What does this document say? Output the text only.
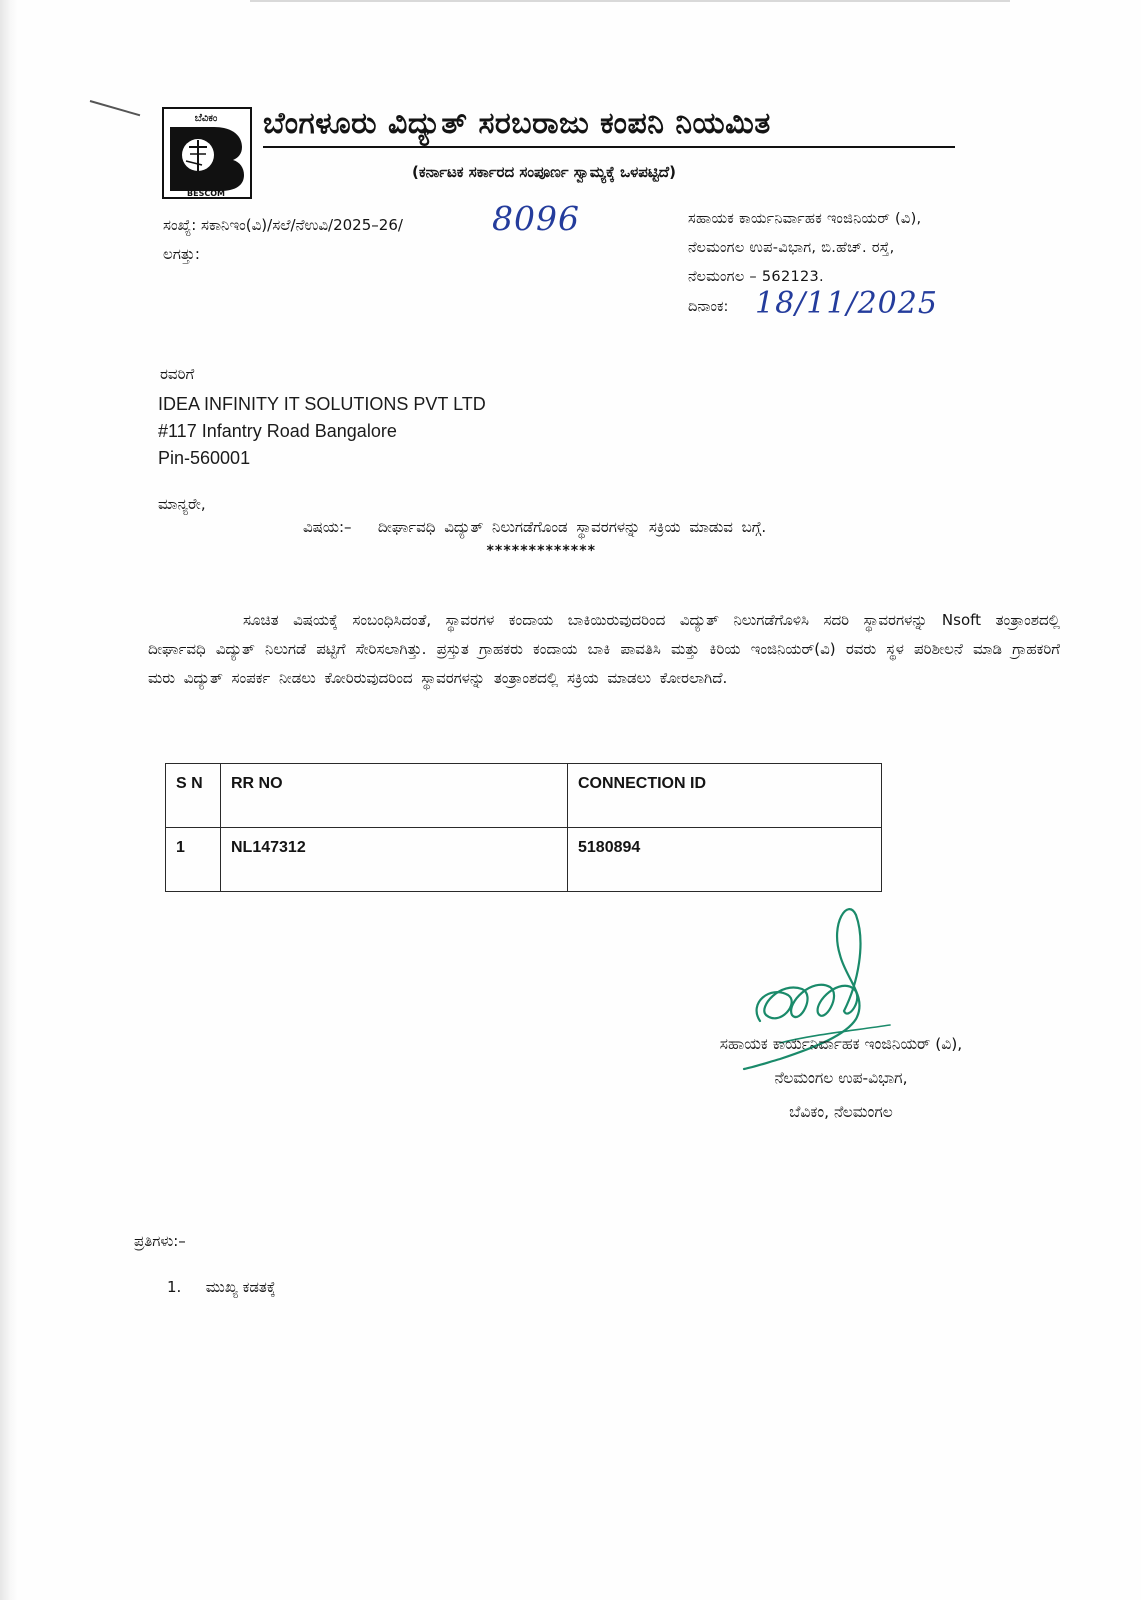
ಬೆವಿಕಂ
BESCOM
ಬೆಂಗಳೂರು ವಿದ್ಯುತ್ ಸರಬರಾಜು ಕಂಪನಿ ನಿಯಮಿತ
(ಕರ್ನಾಟಕ ಸರ್ಕಾರದ ಸಂಪೂರ್ಣ ಸ್ವಾಮ್ಯಕ್ಕೆ ಒಳಪಟ್ಟಿದೆ)
ಸಂಖ್ಯೆ: ಸಕಾನಿಇಂ(ವಿ)/ಸಲೆ/ನೆಉವಿ/2025–26/	8096
ಲಗತ್ತು:
ಸಹಾಯಕ ಕಾರ್ಯನಿರ್ವಾಹಕ ಇಂಜಿನಿಯರ್ (ವಿ),
ನೆಲಮಂಗಲ ಉಪ-ವಿಭಾಗ, ಬಿ.ಹೆಚ್. ರಸ್ತೆ,
ನೆಲಮಂಗಲ – 562123.
ದಿನಾಂಕ: 18/11/2025
ರವರಿಗೆ
IDEA INFINITY IT SOLUTIONS PVT LTD
#117 Infantry Road Bangalore
Pin-560001
ಮಾನ್ಯರೇ,
ವಿಷಯ:– ದೀರ್ಘಾವಧಿ ವಿದ್ಯುತ್ ನಿಲುಗಡೆಗೊಂಡ ಸ್ಥಾವರಗಳನ್ನು ಸಕ್ರಿಯ ಮಾಡುವ ಬಗ್ಗೆ.
*************
ಸೂಚಿತ ವಿಷಯಕ್ಕೆ ಸಂಬಂಧಿಸಿದಂತೆ, ಸ್ಥಾವರಗಳ ಕಂದಾಯ ಬಾಕಿಯಿರುವುದರಿಂದ ವಿದ್ಯುತ್ ನಿಲುಗಡೆಗೊಳಿಸಿ ಸದರಿ ಸ್ಥಾವರಗಳನ್ನು Nsoft ತಂತ್ರಾಂಶದಲ್ಲಿ ದೀರ್ಘಾವಧಿ ವಿದ್ಯುತ್ ನಿಲುಗಡೆ ಪಟ್ಟಿಗೆ ಸೇರಿಸಲಾಗಿತ್ತು. ಪ್ರಸ್ತುತ ಗ್ರಾಹಕರು ಕಂದಾಯ ಬಾಕಿ ಪಾವತಿಸಿ ಮತ್ತು ಕಿರಿಯ ಇಂಜಿನಿಯರ್(ವಿ) ರವರು ಸ್ಥಳ ಪರಿಶೀಲನೆ ಮಾಡಿ ಗ್ರಾಹಕರಿಗೆ ಮರು ವಿದ್ಯುತ್ ಸಂಪರ್ಕ ನೀಡಲು ಕೋರಿರುವುದರಿಂದ ಸ್ಥಾವರಗಳನ್ನು ತಂತ್ರಾಂಶದಲ್ಲಿ ಸಕ್ರಿಯ ಮಾಡಲು ಕೋರಲಾಗಿದೆ.
S N	RR NO	CONNECTION ID
1	NL147312	5180894
ಸಹಾಯಕ ಕಾರ್ಯನಿರ್ವಾಹಕ ಇಂಜಿನಿಯರ್ (ವಿ),
ನೆಲಮಂಗಲ ಉಪ-ವಿಭಾಗ,
ಬೆವಿಕಂ, ನೆಲಮಂಗಲ
ಪ್ರತಿಗಳು:–
1. ಮುಖ್ಯ ಕಡತಕ್ಕೆ
